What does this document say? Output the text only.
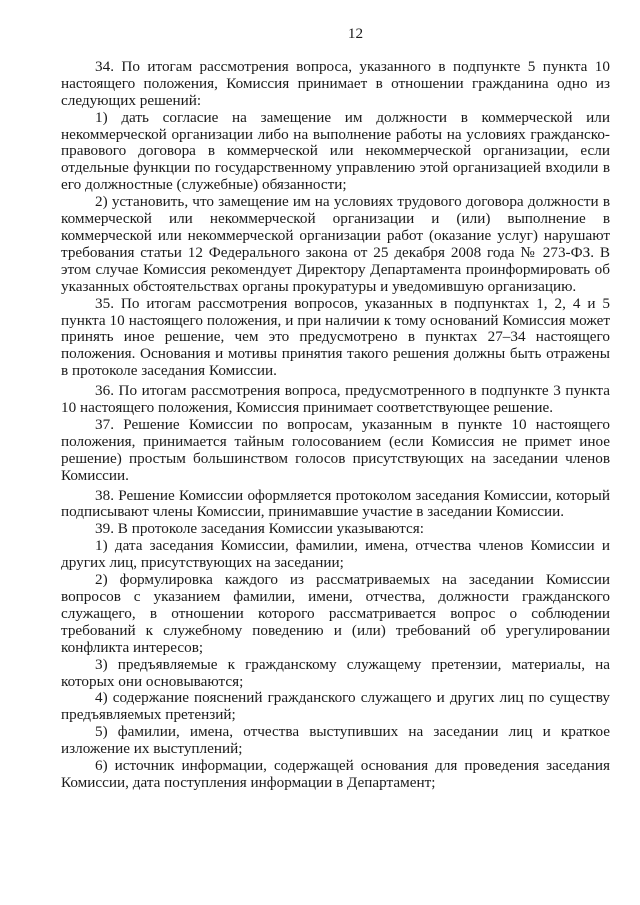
12

34. По итогам рассмотрения вопроса, указанного в подпункте 5 пункта 10 настоящего положения, Комиссия принимает в отношении гражданина одно из следующих решений:

1) дать согласие на замещение им должности в коммерческой или некоммерческой организации либо на выполнение работы на условиях гражданско-правового договора в коммерческой или некоммерческой организации, если отдельные функции по государственному управлению этой организацией входили в его должностные (служебные) обязанности;

2) установить, что замещение им на условиях трудового договора должности в коммерческой или некоммерческой организации и (или) выполнение в коммерческой или некоммерческой организации работ (оказание услуг) нарушают требования статьи 12 Федерального закона от 25 декабря 2008 года № 273-ФЗ. В этом случае Комиссия рекомендует Директору Департамента проинформировать об указанных обстоятельствах органы прокуратуры и уведомившую организацию.

35. По итогам рассмотрения вопросов, указанных в подпунктах 1, 2, 4 и 5 пункта 10 настоящего положения, и при наличии к тому оснований Комиссия может принять иное решение, чем это предусмотрено в пунктах 27–34 настоящего положения. Основания и мотивы принятия такого решения должны быть отражены в протоколе заседания Комиссии.

36. По итогам рассмотрения вопроса, предусмотренного в подпункте 3 пункта 10 настоящего положения, Комиссия принимает соответствующее решение.

37. Решение Комиссии по вопросам, указанным в пункте 10 настоящего положения, принимается тайным голосованием (если Комиссия не примет иное решение) простым большинством голосов присутствующих на заседании членов Комиссии.

38. Решение Комиссии оформляется протоколом заседания Комиссии, который подписывают члены Комиссии, принимавшие участие в заседании Комиссии.

39. В протоколе заседания Комиссии указываются:

1) дата заседания Комиссии, фамилии, имена, отчества членов Комиссии и других лиц, присутствующих на заседании;

2) формулировка каждого из рассматриваемых на заседании Комиссии вопросов с указанием фамилии, имени, отчества, должности гражданского служащего, в отношении которого рассматривается вопрос о соблюдении требований к служебному поведению и (или) требований об урегулировании конфликта интересов;

3) предъявляемые к гражданскому служащему претензии, материалы, на которых они основываются;

4) содержание пояснений гражданского служащего и других лиц по существу предъявляемых претензий;

5) фамилии, имена, отчества выступивших на заседании лиц и краткое изложение их выступлений;

6) источник информации, содержащей основания для проведения заседания Комиссии, дата поступления информации в Департамент;
